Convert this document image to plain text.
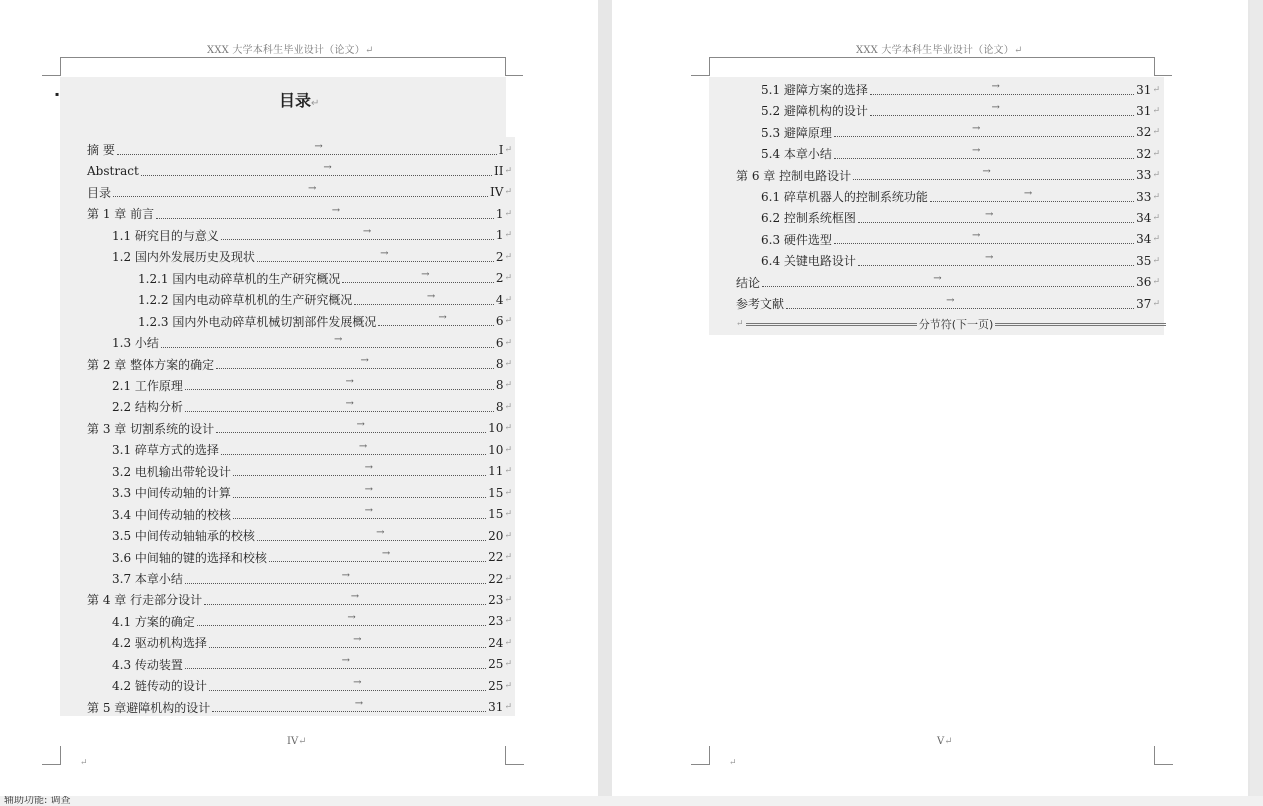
XXX 大学本科生毕业设计（论文）↵
▪	目录↵
摘 要	→	I ↵
Abstract	→	II ↵
目录	→	IV ↵
第 1 章 前言	→	1 ↵
1.1 研究目的与意义	→	1 ↵
1.2 国内外发展历史及现状	→	2 ↵
1.2.1 国内电动碎草机的生产研究概况	→	2 ↵
1.2.2 国内电动碎草机机的生产研究概况	→	4 ↵
1.2.3 国内外电动碎草机械切割部件发展概况	→	6 ↵
1.3 小结	→	6 ↵
第 2 章 整体方案的确定	→	8 ↵
2.1 工作原理	→	8 ↵
2.2 结构分析	→	8 ↵
第 3 章 切割系统的设计	→	10 ↵
3.1 碎草方式的选择	→	10 ↵
3.2 电机输出带轮设计	→	11 ↵
3.3 中间传动轴的计算	→	15 ↵
3.4 中间传动轴的校核	→	15 ↵
3.5 中间传动轴轴承的校核	→	20 ↵
3.6 中间轴的键的选择和校核	→	22 ↵
3.7 本章小结	→	22 ↵
第 4 章 行走部分设计	→	23 ↵
4.1 方案的确定	→	23 ↵
4.2 驱动机构选择	→	24 ↵
4.3 传动装置	→	25 ↵
4.2 链传动的设计	→	25 ↵
第 5 章避障机构的设计	→	31 ↵
IV↵
↵
XXX 大学本科生毕业设计（论文）↵
5.1 避障方案的选择	→	31 ↵
5.2 避障机构的设计	→	31 ↵
5.3 避障原理	→	32 ↵
5.4 本章小结	→	32 ↵
第 6 章 控制电路设计	→	33 ↵
6.1 碎草机器人的控制系统功能	→	33 ↵
6.2 控制系统框图	→	34 ↵
6.3 硬件选型	→	34 ↵
6.4 关键电路设计	→	35 ↵
结论	→	36 ↵
参考文献	→	37 ↵
↵	分节符(下一页)
V↵
↵
辅助功能: 调查
